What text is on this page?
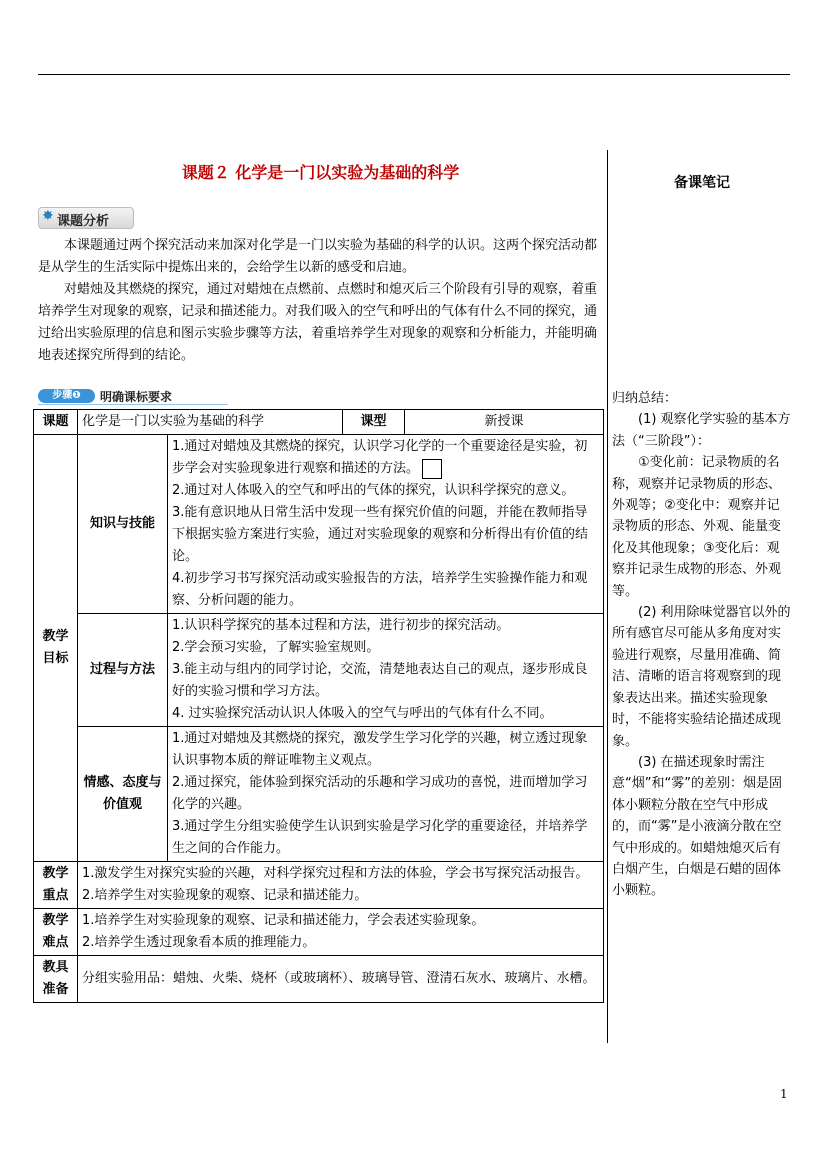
课题２ 化学是一门以实验为基础的科学
备课笔记
✸ 课题分析

本课题通过两个探究活动来加深对化学是一门以实验为基础的科学的认识。这两个探究活动都是从学生的生活实际中提炼出来的，会给学生以新的感受和启迪。

对蜡烛及其燃烧的探究，通过对蜡烛在点燃前、点燃时和熄灭后三个阶段有引导的观察，着重培养学生对现象的观察，记录和描述能力。对我们吸入的空气和呼出的气体有什么不同的探究，通过给出实验原理的信息和图示实验步骤等方法，着重培养学生对现象的观察和分析能力，并能明确地表述探究所得到的结论。

步骤❶	明确课标要求
课题	化学是一门以实验为基础的科学		课型	新授课
教学目标	知识与技能	1.通过对蜡烛及其燃烧的探究，认识学习化学的一个重要途径是实验，初步学会对实验现象进行观察和描述的方法。
2.通过对人体吸入的空气和呼出的气体的探究，认识科学探究的意义。
3.能有意识地从日常生活中发现一些有探究价值的问题，并能在教师指导下根据实验方案进行实验，通过对实验现象的观察和分析得出有价值的结论。
4.初步学习书写探究活动或实验报告的方法，培养学生实验操作能力和观察、分析问题的能力。		

	过程与方法	1.认识科学探究的基本过程和方法，进行初步的探究活动。
2.学会预习实验，了解实验室规则。
3.能主动与组内的同学讨论，交流，清楚地表达自己的观点，逐步形成良好的实验习惯和学习方法。
4. 过实验探究活动认识人体吸入的空气与呼出的气体有什么不同。		

	情感、态度与价值观	1.通过对蜡烛及其燃烧的探究，激发学生学习化学的兴趣，树立透过现象认识事物本质的辩证唯物主义观点。
2.通过探究，能体验到探究活动的乐趣和学习成功的喜悦，进而增加学习化学的兴趣。
3.通过学生分组实验使学生认识到实验是学习化学的重要途径，并培养学生之间的合作能力。		

教学重点	1.激发学生对探究实验的兴趣，对科学探究过程和方法的体验，学会书写探究活动报告。
2.培养学生对实验现象的观察、记录和描述能力。			

教学难点	1.培养学生对实验现象的观察、记录和描述能力，学会表述实验现象。
2.培养学生透过现象看本质的推理能力。			

教具准备	分组实验用品：蜡烛、火柴、烧杯（或玻璃杯）、玻璃导管、澄清石灰水、玻璃片、水槽。			

归纳总结：

　　(1) 观察化学实验的基本方法（“三阶段”）：

　　①变化前：记录物质的名称，观察并记录物质的形态、外观等；②变化中：观察并记录物质的形态、外观、能量变化及其他现象；③变化后：观察并记录生成物的形态、外观等。

　　(2) 利用除味觉器官以外的所有感官尽可能从多角度对实验进行观察，尽量用准确、简洁、清晰的语言将观察到的现象表达出来。描述实验现象时，不能将实验结论描述成现象。

　　(3) 在描述现象时需注意“烟”和“雾”的差别：烟是固体小颗粒分散在空气中形成的，而“雾”是小液滴分散在空气中形成的。如蜡烛熄灭后有白烟产生，白烟是石蜡的固体小颗粒。

1
